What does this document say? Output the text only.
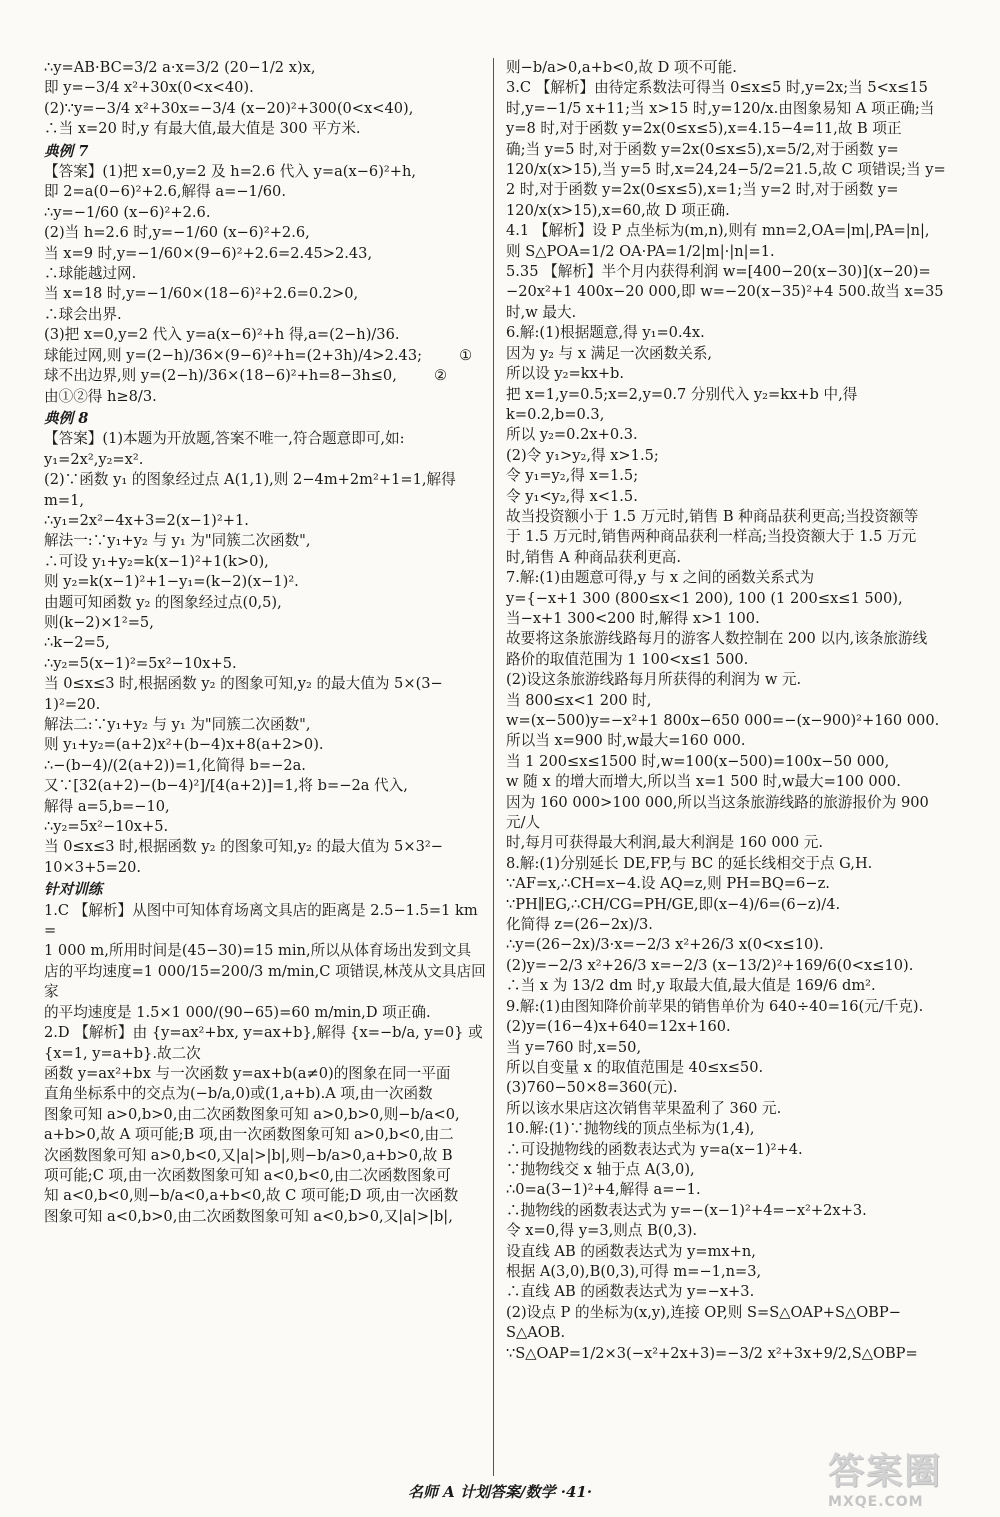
∴y=AB·BC=3/2 a·x=3/2 (20−1/2 x)x,
即 y=−3/4 x²+30x(0<x<40).
(2)∵y=−3/4 x²+30x=−3/4 (x−20)²+300(0<x<40),
∴当 x=20 时,y 有最大值,最大值是 300 平方米.
典例 7
【答案】(1)把 x=0,y=2 及 h=2.6 代入 y=a(x−6)²+h,
即 2=a(0−6)²+2.6,解得 a=−1/60.
∴y=−1/60 (x−6)²+2.6.
(2)当 h=2.6 时,y=−1/60 (x−6)²+2.6,
当 x=9 时,y=−1/60×(9−6)²+2.6=2.45>2.43,
∴球能越过网.
当 x=18 时,y=−1/60×(18−6)²+2.6=0.2>0,
∴球会出界.
(3)把 x=0,y=2 代入 y=a(x−6)²+h 得,a=(2−h)/36.
球能过网,则 y=(2−h)/36×(9−6)²+h=(2+3h)/4>2.43;        ①
球不出边界,则 y=(2−h)/36×(18−6)²+h=8−3h≤0,        ②
由①②得 h≥8/3.
典例 8
【答案】(1)本题为开放题,答案不唯一,符合题意即可,如:
y₁=2x²,y₂=x².
(2)∵函数 y₁ 的图象经过点 A(1,1),则 2−4m+2m²+1=1,解得
m=1,
∴y₁=2x²−4x+3=2(x−1)²+1.
解法一:∵y₁+y₂ 与 y₁ 为"同簇二次函数",
∴可设 y₁+y₂=k(x−1)²+1(k>0),
则 y₂=k(x−1)²+1−y₁=(k−2)(x−1)².
由题可知函数 y₂ 的图象经过点(0,5),
则(k−2)×1²=5,
∴k−2=5,
∴y₂=5(x−1)²=5x²−10x+5.
当 0≤x≤3 时,根据函数 y₂ 的图象可知,y₂ 的最大值为 5×(3−
1)²=20.
解法二:∵y₁+y₂ 与 y₁ 为"同簇二次函数",
则 y₁+y₂=(a+2)x²+(b−4)x+8(a+2>0).
∴−(b−4)/(2(a+2))=1,化简得 b=−2a.
又∵[32(a+2)−(b−4)²]/[4(a+2)]=1,将 b=−2a 代入,
解得 a=5,b=−10,
∴y₂=5x²−10x+5.
当 0≤x≤3 时,根据函数 y₂ 的图象可知,y₂ 的最大值为 5×3²−
10×3+5=20.
针对训练
1.C 【解析】从图中可知体育场离文具店的距离是 2.5−1.5=1 km=
1 000 m,所用时间是(45−30)=15 min,所以从体育场出发到文具
店的平均速度=1 000/15=200/3 m/min,C 项错误,林茂从文具店回家
的平均速度是 1.5×1 000/(90−65)=60 m/min,D 项正确.
2.D 【解析】由 {y=ax²+bx, y=ax+b},解得 {x=−b/a, y=0} 或 {x=1, y=a+b}.故二次
函数 y=ax²+bx 与一次函数 y=ax+b(a≠0)的图象在同一平面
直角坐标系中的交点为(−b/a,0)或(1,a+b).A 项,由一次函数
图象可知 a>0,b>0,由二次函数图象可知 a>0,b>0,则−b/a<0,
a+b>0,故 A 项可能;B 项,由一次函数图象可知 a>0,b<0,由二
次函数图象可知 a>0,b<0,又|a|>|b|,则−b/a>0,a+b>0,故 B
项可能;C 项,由一次函数图象可知 a<0,b<0,由二次函数图象可
知 a<0,b<0,则−b/a<0,a+b<0,故 C 项可能;D 项,由一次函数
图象可知 a<0,b>0,由二次函数图象可知 a<0,b>0,又|a|>|b|,
则−b/a>0,a+b<0,故 D 项不可能.
3.C 【解析】由待定系数法可得当 0≤x≤5 时,y=2x;当 5<x≤15
时,y=−1/5 x+11;当 x>15 时,y=120/x.由图象易知 A 项正确;当
y=8 时,对于函数 y=2x(0≤x≤5),x=4.15−4=11,故 B 项正
确;当 y=5 时,对于函数 y=2x(0≤x≤5),x=5/2,对于函数 y=
120/x(x>15),当 y=5 时,x=24,24−5/2=21.5,故 C 项错误;当 y=
2 时,对于函数 y=2x(0≤x≤5),x=1;当 y=2 时,对于函数 y=
120/x(x>15),x=60,故 D 项正确.
4.1 【解析】设 P 点坐标为(m,n),则有 mn=2,OA=|m|,PA=|n|,
则 S△POA=1/2 OA·PA=1/2|m|·|n|=1.
5.35 【解析】半个月内获得利润 w=[400−20(x−30)](x−20)=
−20x²+1 400x−20 000,即 w=−20(x−35)²+4 500.故当 x=35
时,w 最大.
6.解:(1)根据题意,得 y₁=0.4x.
因为 y₂ 与 x 满足一次函数关系,
所以设 y₂=kx+b.
把 x=1,y=0.5;x=2,y=0.7 分别代入 y₂=kx+b 中,得
k=0.2,b=0.3,
所以 y₂=0.2x+0.3.
(2)令 y₁>y₂,得 x>1.5;
令 y₁=y₂,得 x=1.5;
令 y₁<y₂,得 x<1.5.
故当投资额小于 1.5 万元时,销售 B 种商品获利更高;当投资额等
于 1.5 万元时,销售两种商品获利一样高;当投资额大于 1.5 万元
时,销售 A 种商品获利更高.
7.解:(1)由题意可得,y 与 x 之间的函数关系式为
y={−x+1 300 (800≤x<1 200), 100 (1 200≤x≤1 500),
当−x+1 300<200 时,解得 x>1 100.
故要将这条旅游线路每月的游客人数控制在 200 以内,该条旅游线
路价的取值范围为 1 100<x≤1 500.
(2)设这条旅游线路每月所获得的利润为 w 元.
当 800≤x<1 200 时,
w=(x−500)y=−x²+1 800x−650 000=−(x−900)²+160 000.
所以当 x=900 时,w最大=160 000.
当 1 200≤x≤1500 时,w=100(x−500)=100x−50 000,
w 随 x 的增大而增大,所以当 x=1 500 时,w最大=100 000.
因为 160 000>100 000,所以当这条旅游线路的旅游报价为 900 元/人
时,每月可获得最大利润,最大利润是 160 000 元.
8.解:(1)分别延长 DE,FP,与 BC 的延长线相交于点 G,H.
∵AF=x,∴CH=x−4.设 AQ=z,则 PH=BQ=6−z.
∵PH∥EG,∴CH/CG=PH/GE,即(x−4)/6=(6−z)/4.
化简得 z=(26−2x)/3.
∴y=(26−2x)/3·x=−2/3 x²+26/3 x(0<x≤10).
(2)y=−2/3 x²+26/3 x=−2/3 (x−13/2)²+169/6(0<x≤10).
∴当 x 为 13/2 dm 时,y 取最大值,最大值是 169/6 dm².
9.解:(1)由图知降价前苹果的销售单价为 640÷40=16(元/千克).
(2)y=(16−4)x+640=12x+160.
当 y=760 时,x=50,
所以自变量 x 的取值范围是 40≤x≤50.
(3)760−50×8=360(元).
所以该水果店这次销售苹果盈利了 360 元.
10.解:(1)∵抛物线的顶点坐标为(1,4),
∴可设抛物线的函数表达式为 y=a(x−1)²+4.
∵抛物线交 x 轴于点 A(3,0),
∴0=a(3−1)²+4,解得 a=−1.
∴抛物线的函数表达式为 y=−(x−1)²+4=−x²+2x+3.
令 x=0,得 y=3,则点 B(0,3).
设直线 AB 的函数表达式为 y=mx+n,
根据 A(3,0),B(0,3),可得 m=−1,n=3,
∴直线 AB 的函数表达式为 y=−x+3.
(2)设点 P 的坐标为(x,y),连接 OP,则 S=S△OAP+S△OBP−
S△AOB.
∵S△OAP=1/2×3(−x²+2x+3)=−3/2 x²+3x+9/2,S△OBP=
名师 A 计划答案/数学 ·41·	答案圈
MXQE.COM
